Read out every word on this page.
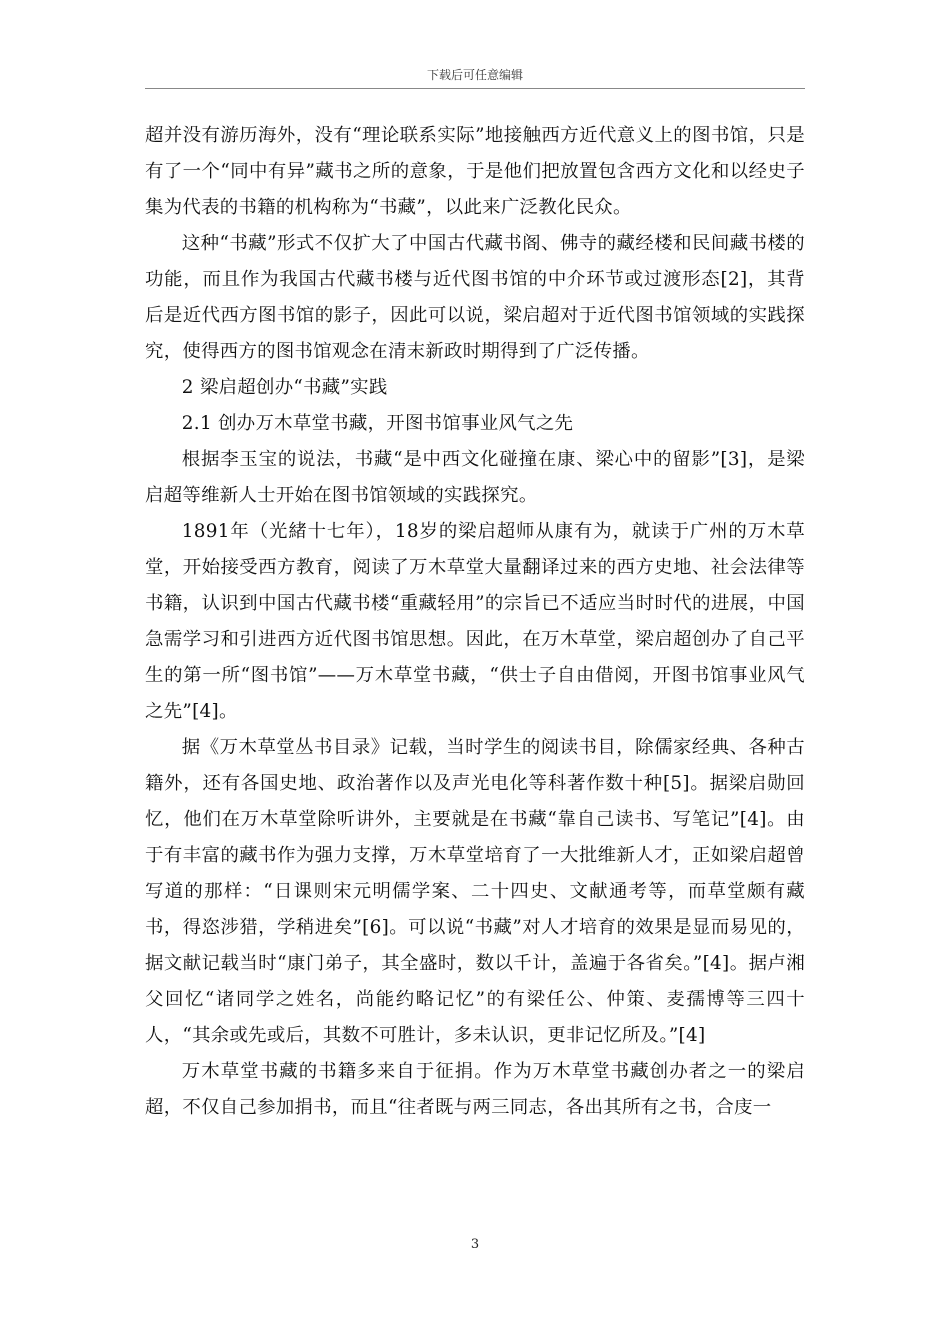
下载后可任意编辑

超并没有游历海外，没有“理论联系实际”地接触西方近代意义上的图书馆，只是有了一个“同中有异”藏书之所的意象，于是他们把放置包含西方文化和以经史子集为代表的书籍的机构称为“书藏”，以此来广泛教化民众。

这种“书藏”形式不仅扩大了中国古代藏书阁、佛寺的藏经楼和民间藏书楼的功能，而且作为我国古代藏书楼与近代图书馆的中介环节或过渡形态[2]，其背后是近代西方图书馆的影子，因此可以说，梁启超对于近代图书馆领域的实践探究，使得西方的图书馆观念在清末新政时期得到了广泛传播。

2 梁启超创办“书藏”实践

2.1 创办万木草堂书藏，开图书馆事业风气之先

根据李玉宝的说法，书藏“是中西文化碰撞在康、梁心中的留影”[3]，是梁启超等维新人士开始在图书馆领域的实践探究。

1891年（光緒十七年），18岁的梁启超师从康有为，就读于广州的万木草堂，开始接受西方教育，阅读了万木草堂大量翻译过来的西方史地、社会法律等书籍，认识到中国古代藏书楼“重藏轻用”的宗旨已不适应当时时代的进展，中国急需学习和引进西方近代图书馆思想。因此，在万木草堂，梁启超创办了自己平生的第一所“图书馆”——万木草堂书藏，“供士子自由借阅，开图书馆事业风气之先”[4]。

据《万木草堂丛书目录》记载，当时学生的阅读书目，除儒家经典、各种古籍外，还有各国史地、政治著作以及声光电化等科著作数十种[5]。据梁启勋回忆，他们在万木草堂除听讲外，主要就是在书藏“靠自己读书、写笔记”[4]。由于有丰富的藏书作为强力支撑，万木草堂培育了一大批维新人才，正如梁启超曾写道的那样：“日课则宋元明儒学案、二十四史、文献通考等，而草堂颇有藏书，得恣涉猎，学稍进矣”[6]。可以说“书藏”对人才培育的效果是显而易见的，据文献记载当时“康门弟子，其全盛时，数以千计，盖遍于各省矣。”[4]。据卢湘父回忆“诸同学之姓名，尚能约略记忆”的有梁任公、仲策、麦孺博等三四十人，“其余或先或后，其数不可胜计，多未认识，更非记忆所及。”[4]

万木草堂书藏的书籍多来自于征捐。作为万木草堂书藏创办者之一的梁启超，不仅自己参加捐书，而且“往者既与两三同志，各出其所有之书，合庋一

3
